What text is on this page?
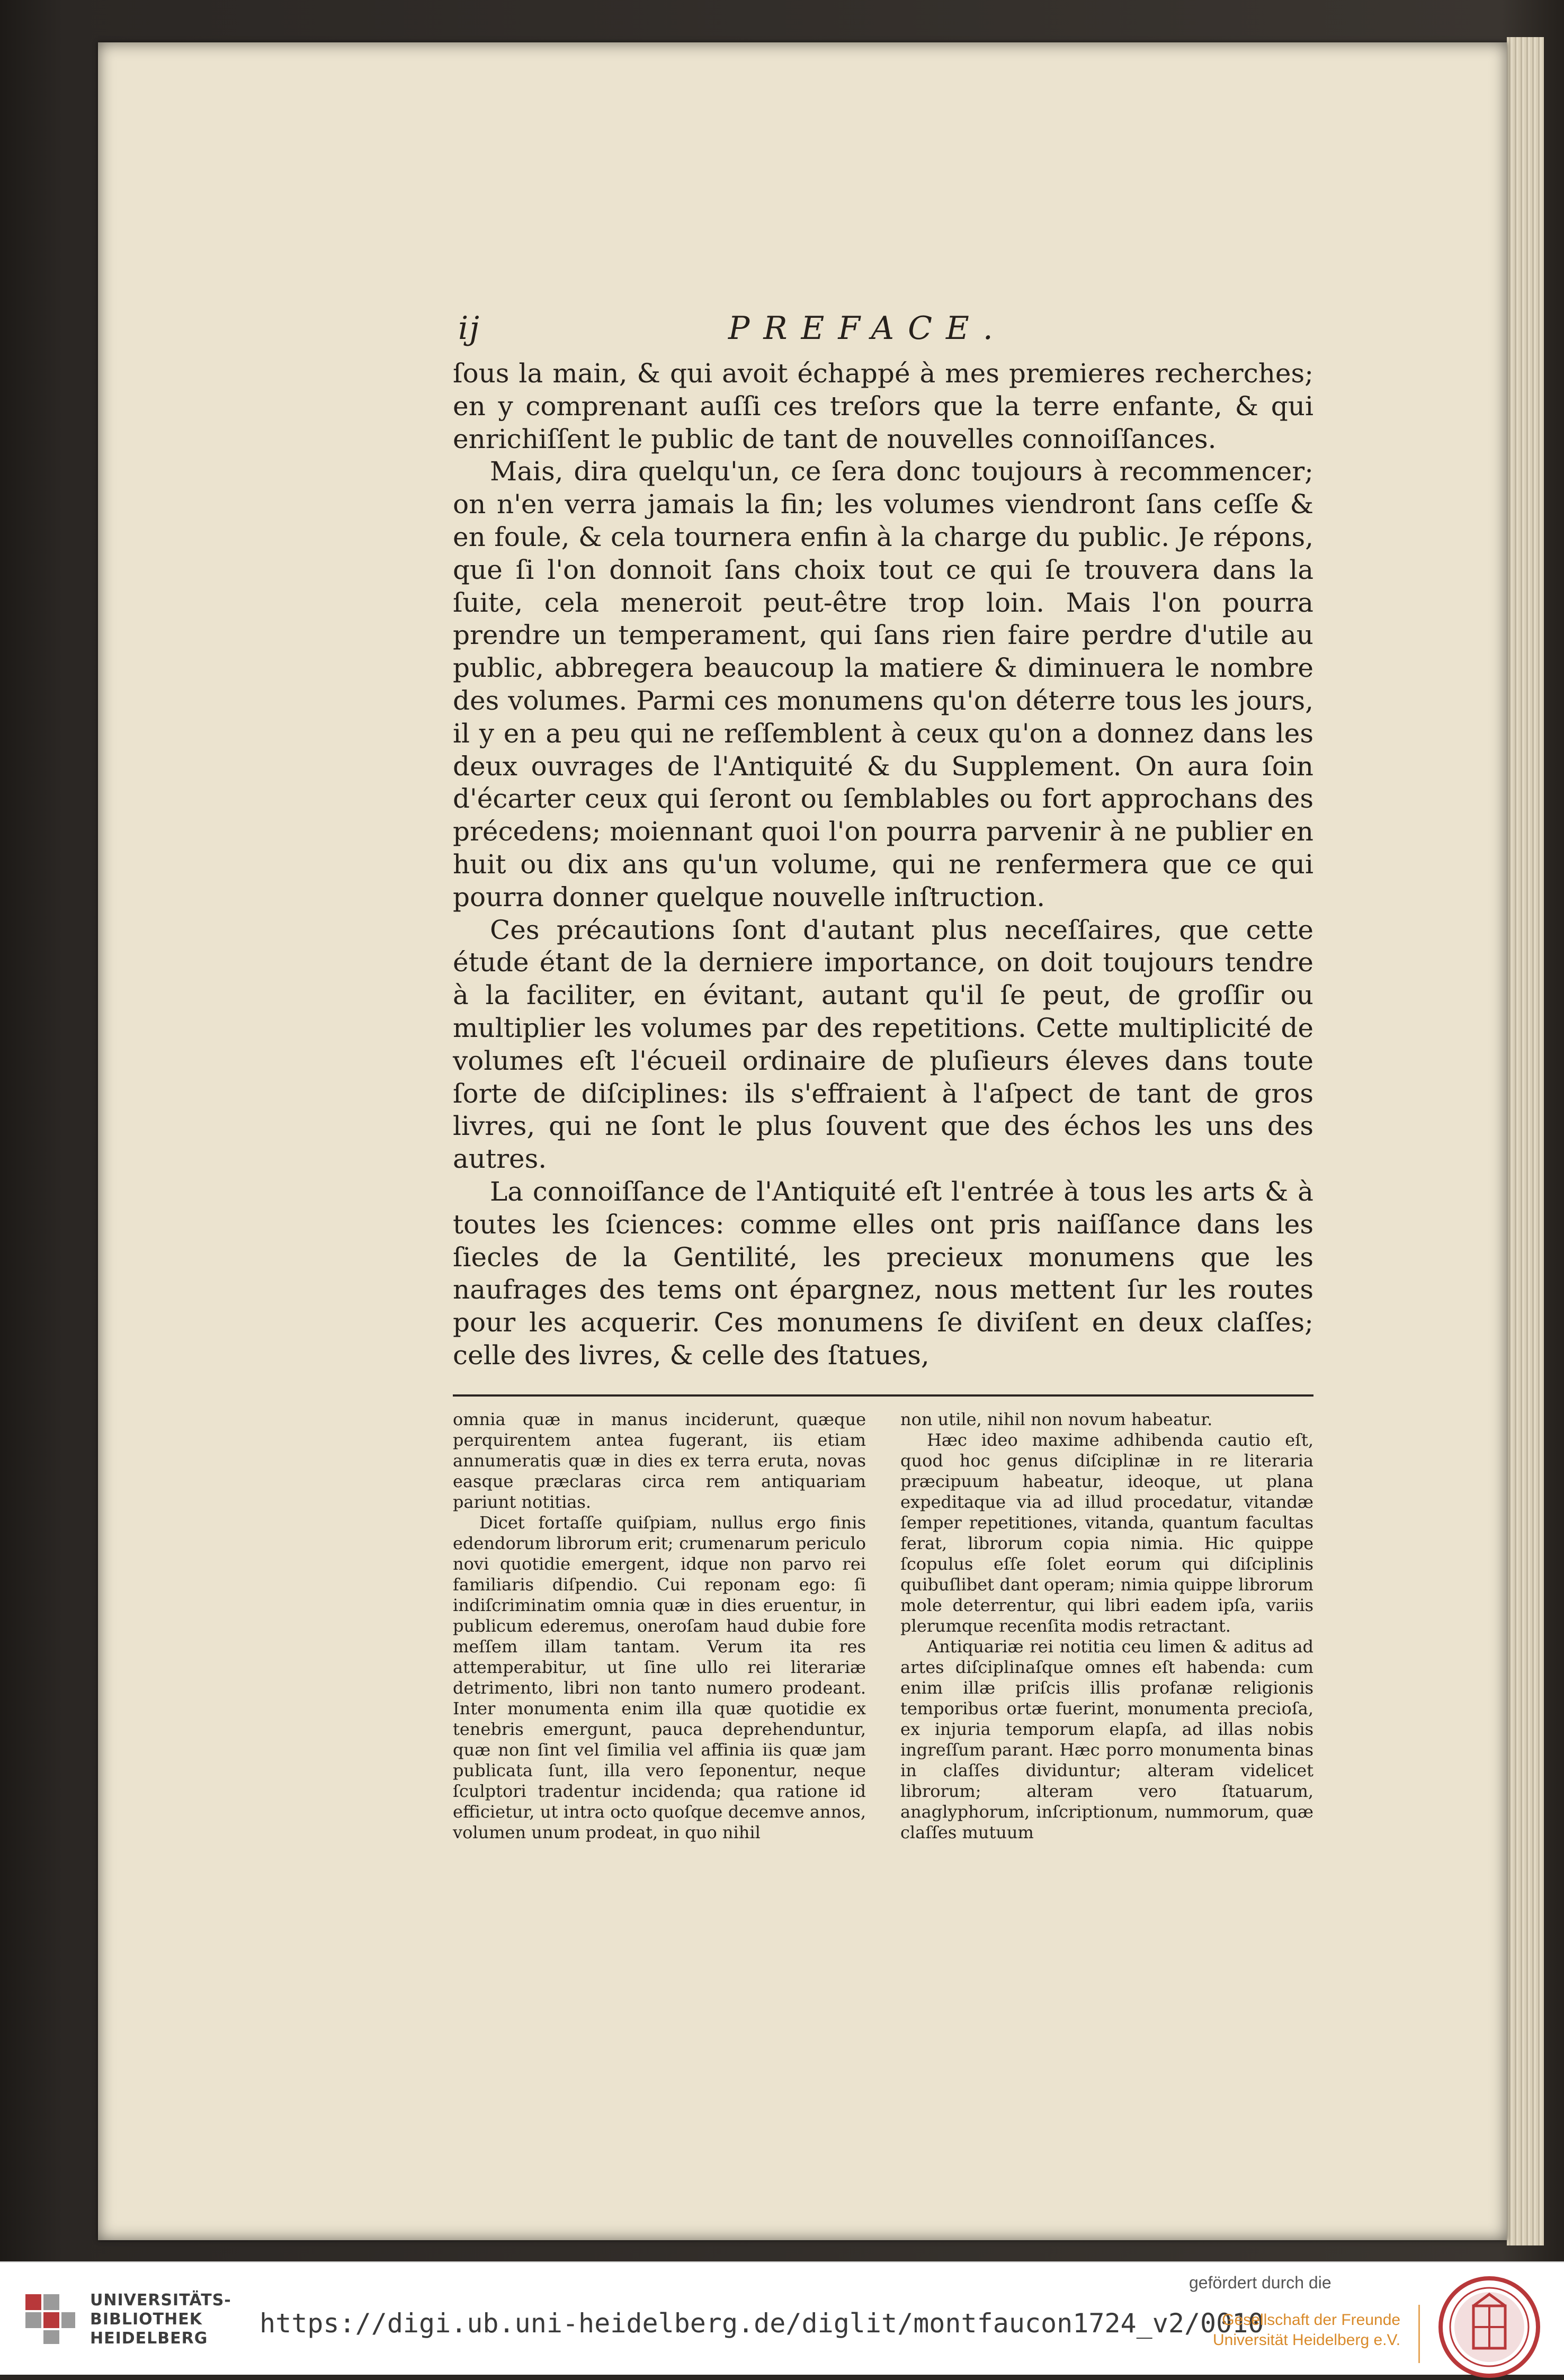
ij	PREFACE.

ſous la main, & qui avoit échappé à mes premieres recherches; en y comprenant auſſi ces treſors que la terre enfante, & qui enrichiſſent le public de tant de nouvelles connoiſſances.

Mais, dira quelqu'un, ce ſera donc toujours à recommencer; on n'en verra jamais la fin; les volumes viendront ſans ceſſe & en foule, & cela tournera enfin à la charge du public. Je répons, que ſi l'on donnoit ſans choix tout ce qui ſe trouvera dans la ſuite, cela meneroit peut-être trop loin. Mais l'on pourra prendre un temperament, qui ſans rien faire perdre d'utile au public, abbregera beaucoup la matiere & diminuera le nombre des volumes. Parmi ces monumens qu'on déterre tous les jours, il y en a peu qui ne reſſemblent à ceux qu'on a donnez dans les deux ouvrages de l'Antiquité & du Supplement. On aura ſoin d'écarter ceux qui ſeront ou ſemblables ou fort approchans des précedens; moiennant quoi l'on pourra parvenir à ne publier en huit ou dix ans qu'un volume, qui ne renfermera que ce qui pourra donner quelque nouvelle inſtruction.

Ces précautions ſont d'autant plus neceſſaires, que cette étude étant de la derniere importance, on doit toujours tendre à la faciliter, en évitant, autant qu'il ſe peut, de groſſir ou multiplier les volumes par des repetitions. Cette multiplicité de volumes eſt l'écueil ordinaire de pluſieurs éleves dans toute ſorte de diſciplines: ils s'effraient à l'aſpect de tant de gros livres, qui ne ſont le plus ſouvent que des échos les uns des autres.

La connoiſſance de l'Antiquité eſt l'entrée à tous les arts & à toutes les ſciences: comme elles ont pris naiſſance dans les ſiecles de la Gentilité, les precieux monumens que les naufrages des tems ont épargnez, nous mettent ſur les routes pour les acquerir. Ces monumens ſe diviſent en deux claſſes; celle des livres, & celle des ſtatues,

omnia quæ in manus inciderunt, quæque perquirentem antea fugerant, iis etiam annumeratis quæ in dies ex terra eruta, novas easque præclaras circa rem antiquariam pariunt notitias.

Dicet fortaſſe quiſpiam, nullus ergo finis edendorum librorum erit; crumenarum periculo novi quotidie emergent, idque non parvo rei familiaris diſpendio. Cui reponam ego: ſi indiſcriminatim omnia quæ in dies eruentur, in publicum ederemus, oneroſam haud dubie fore meſſem illam tantam. Verum ita res attemperabitur, ut ſine ullo rei literariæ detrimento, libri non tanto numero prodeant. Inter monumenta enim illa quæ quotidie ex tenebris emergunt, pauca deprehenduntur, quæ non ſint vel ſimilia vel affinia iis quæ jam publicata ſunt, illa vero ſeponentur, neque ſculptori tradentur incidenda; qua ratione id efficietur, ut intra octo quoſque decemve annos, volumen unum prodeat, in quo nihil

non utile, nihil non novum habeatur.

Hæc ideo maxime adhibenda cautio eſt, quod hoc genus diſciplinæ in re literaria præcipuum habeatur, ideoque, ut plana expeditaque via ad illud procedatur, vitandæ ſemper repetitiones, vitanda, quantum facultas ferat, librorum copia nimia. Hic quippe ſcopulus eſſe ſolet eorum qui diſciplinis quibuſlibet dant operam; nimia quippe librorum mole deterrentur, qui libri eadem ipſa, variis plerumque recenſita modis retractant.

Antiquariæ rei notitia ceu limen & aditus ad artes diſciplinaſque omnes eſt habenda: cum enim illæ priſcis illis profanæ religionis temporibus ortæ fuerint, monumenta precioſa, ex injuria temporum elapſa, ad illas nobis ingreſſum parant. Hæc porro monumenta binas in claſſes dividuntur; alteram videlicet librorum; alteram vero ſtatuarum, anaglyphorum, inſcriptionum, nummorum, quæ claſſes mutuum

UNIVERSITÄTS-
BIBLIOTHEK
HEIDELBERG	https://digi.ub.uni-heidelberg.de/diglit/montfaucon1724_v2/0010
gefördert durch die
Gesellschaft der Freunde
Universität Heidelberg e.V.
